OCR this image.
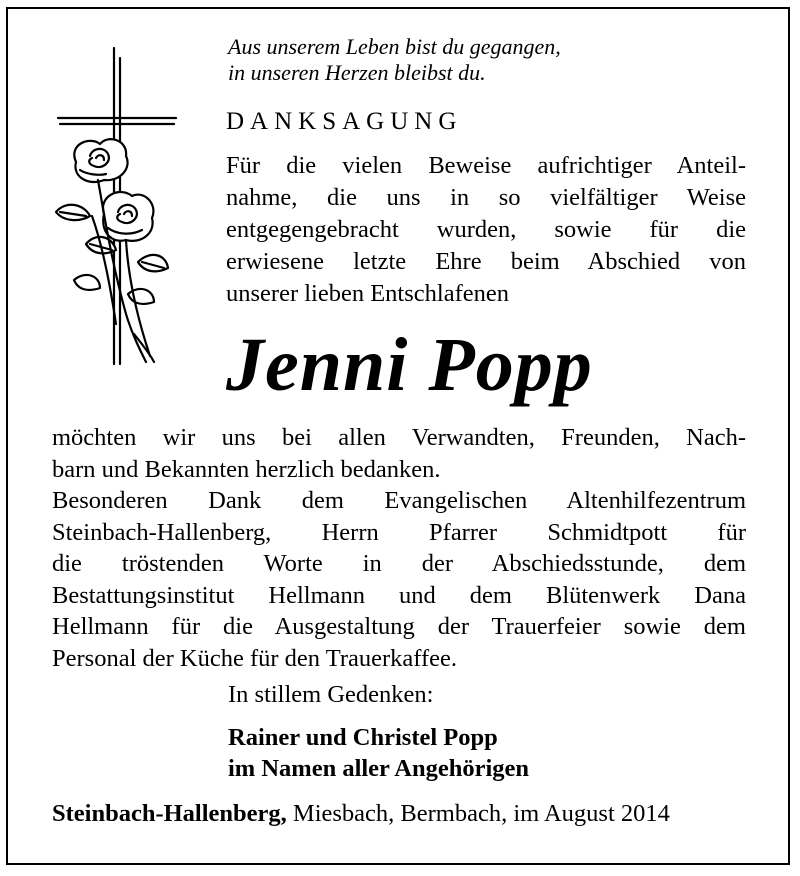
Aus unserem Leben bist du gegangen,
in unseren Herzen bleibst du.
DANKSAGUNG
Für die vielen Beweise aufrichtiger Anteil-
nahme, die uns in so vielfältiger Weise
entgegengebracht wurden, sowie für die
erwiesene letzte Ehre beim Abschied von
unserer lieben Entschlafenen
Jenni Popp
möchten wir uns bei allen Verwandten, Freunden, Nach-
barn und Bekannten herzlich bedanken.
Besonderen Dank dem Evangelischen Altenhilfezentrum
Steinbach-Hallenberg, Herrn Pfarrer Schmidtpott für
die tröstenden Worte in der Abschiedsstunde, dem
Bestattungsinstitut Hellmann und dem Blütenwerk Dana
Hellmann für die Ausgestaltung der Trauerfeier sowie dem
Personal der Küche für den Trauerkaffee.
In stillem Gedenken:
Rainer und Christel Popp
im Namen aller Angehörigen
Steinbach-Hallenberg, Miesbach, Bermbach, im August 2014
